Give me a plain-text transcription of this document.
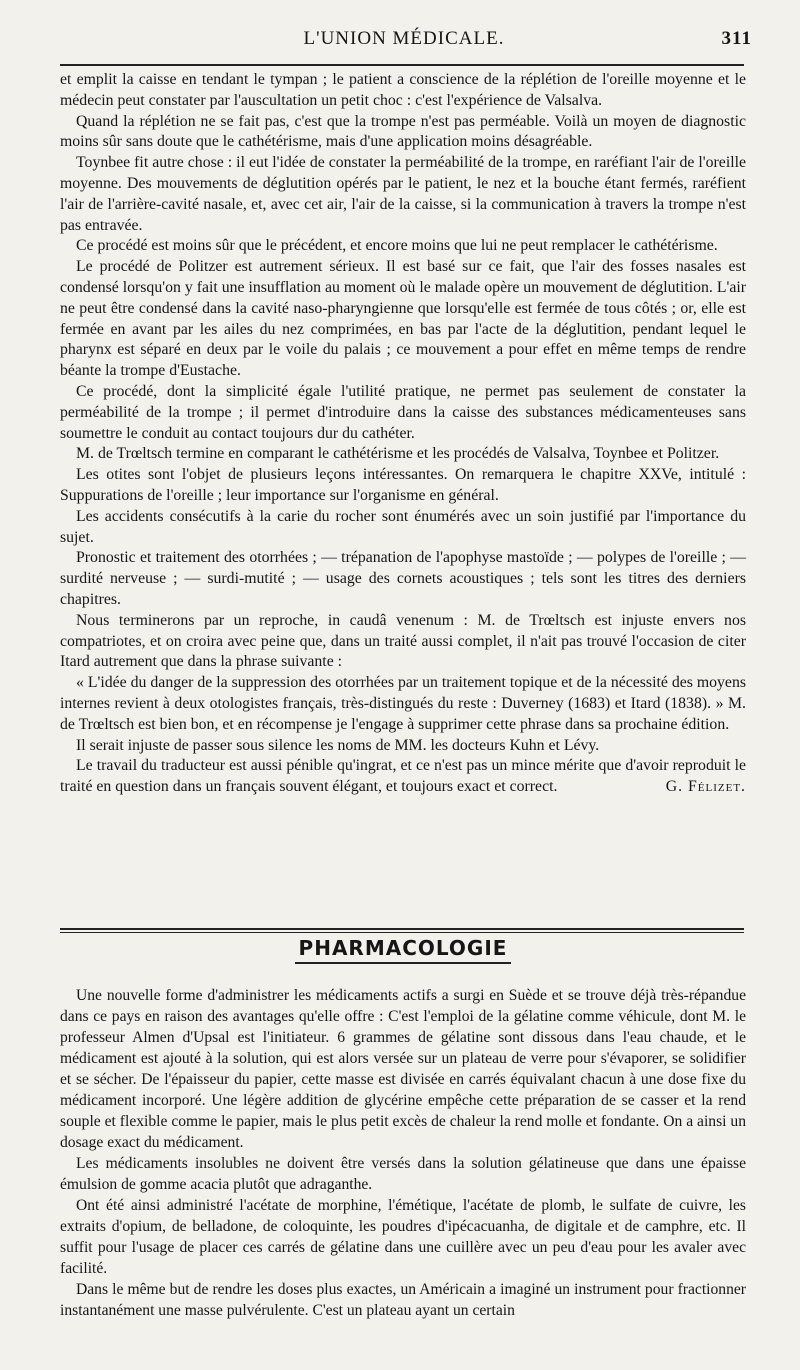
L'UNION MÉDICALE.	311

et emplit la caisse en tendant le tympan ; le patient a conscience de la réplétion de l'oreille moyenne et le médecin peut constater par l'auscultation un petit choc : c'est l'expérience de Valsalva.

Quand la réplétion ne se fait pas, c'est que la trompe n'est pas perméable. Voilà un moyen de diagnostic moins sûr sans doute que le cathétérisme, mais d'une application moins désagréable.

Toynbee fit autre chose : il eut l'idée de constater la perméabilité de la trompe, en raréfiant l'air de l'oreille moyenne. Des mouvements de déglutition opérés par le patient, le nez et la bouche étant fermés, raréfient l'air de l'arrière-cavité nasale, et, avec cet air, l'air de la caisse, si la communication à travers la trompe n'est pas entravée.

Ce procédé est moins sûr que le précédent, et encore moins que lui ne peut remplacer le cathétérisme.

Le procédé de Politzer est autrement sérieux. Il est basé sur ce fait, que l'air des fosses nasales est condensé lorsqu'on y fait une insufflation au moment où le malade opère un mouvement de déglutition. L'air ne peut être condensé dans la cavité naso-pharyngienne que lorsqu'elle est fermée de tous côtés ; or, elle est fermée en avant par les ailes du nez comprimées, en bas par l'acte de la déglutition, pendant lequel le pharynx est séparé en deux par le voile du palais ; ce mouvement a pour effet en même temps de rendre béante la trompe d'Eustache.

Ce procédé, dont la simplicité égale l'utilité pratique, ne permet pas seulement de constater la perméabilité de la trompe ; il permet d'introduire dans la caisse des substances médicamenteuses sans soumettre le conduit au contact toujours dur du cathéter.

M. de Trœltsch termine en comparant le cathétérisme et les procédés de Valsalva, Toynbee et Politzer.

Les otites sont l'objet de plusieurs leçons intéressantes. On remarquera le chapitre XXVe, intitulé : Suppurations de l'oreille ; leur importance sur l'organisme en général.

Les accidents consécutifs à la carie du rocher sont énumérés avec un soin justifié par l'importance du sujet.

Pronostic et traitement des otorrhées ; — trépanation de l'apophyse mastoïde ; — polypes de l'oreille ; — surdité nerveuse ; — surdi-mutité ; — usage des cornets acoustiques ; tels sont les titres des derniers chapitres.

Nous terminerons par un reproche, in caudâ venenum : M. de Trœltsch est injuste envers nos compatriotes, et on croira avec peine que, dans un traité aussi complet, il n'ait pas trouvé l'occasion de citer Itard autrement que dans la phrase suivante :

« L'idée du danger de la suppression des otorrhées par un traitement topique et de la nécessité des moyens internes revient à deux otologistes français, très-distingués du reste : Duverney (1683) et Itard (1838). » M. de Trœltsch est bien bon, et en récompense je l'engage à supprimer cette phrase dans sa prochaine édition.

Il serait injuste de passer sous silence les noms de MM. les docteurs Kuhn et Lévy.

Le travail du traducteur est aussi pénible qu'ingrat, et ce n'est pas un mince mérite que d'avoir reproduit le traité en question dans un français souvent élégant, et toujours exact et correct.	G. Félizet.

PHARMACOLOGIE

Une nouvelle forme d'administrer les médicaments actifs a surgi en Suède et se trouve déjà très-répandue dans ce pays en raison des avantages qu'elle offre : C'est l'emploi de la gélatine comme véhicule, dont M. le professeur Almen d'Upsal est l'initiateur. 6 grammes de gélatine sont dissous dans l'eau chaude, et le médicament est ajouté à la solution, qui est alors versée sur un plateau de verre pour s'évaporer, se solidifier et se sécher. De l'épaisseur du papier, cette masse est divisée en carrés équivalant chacun à une dose fixe du médicament incorporé. Une légère addition de glycérine empêche cette préparation de se casser et la rend souple et flexible comme le papier, mais le plus petit excès de chaleur la rend molle et fondante. On a ainsi un dosage exact du médicament.

Les médicaments insolubles ne doivent être versés dans la solution gélatineuse que dans une épaisse émulsion de gomme acacia plutôt que adraganthe.

Ont été ainsi administré l'acétate de morphine, l'émétique, l'acétate de plomb, le sulfate de cuivre, les extraits d'opium, de belladone, de coloquinte, les poudres d'ipécacuanha, de digitale et de camphre, etc. Il suffit pour l'usage de placer ces carrés de gélatine dans une cuillère avec un peu d'eau pour les avaler avec facilité.

Dans le même but de rendre les doses plus exactes, un Américain a imaginé un instrument pour fractionner instantanément une masse pulvérulente. C'est un plateau ayant un certain
